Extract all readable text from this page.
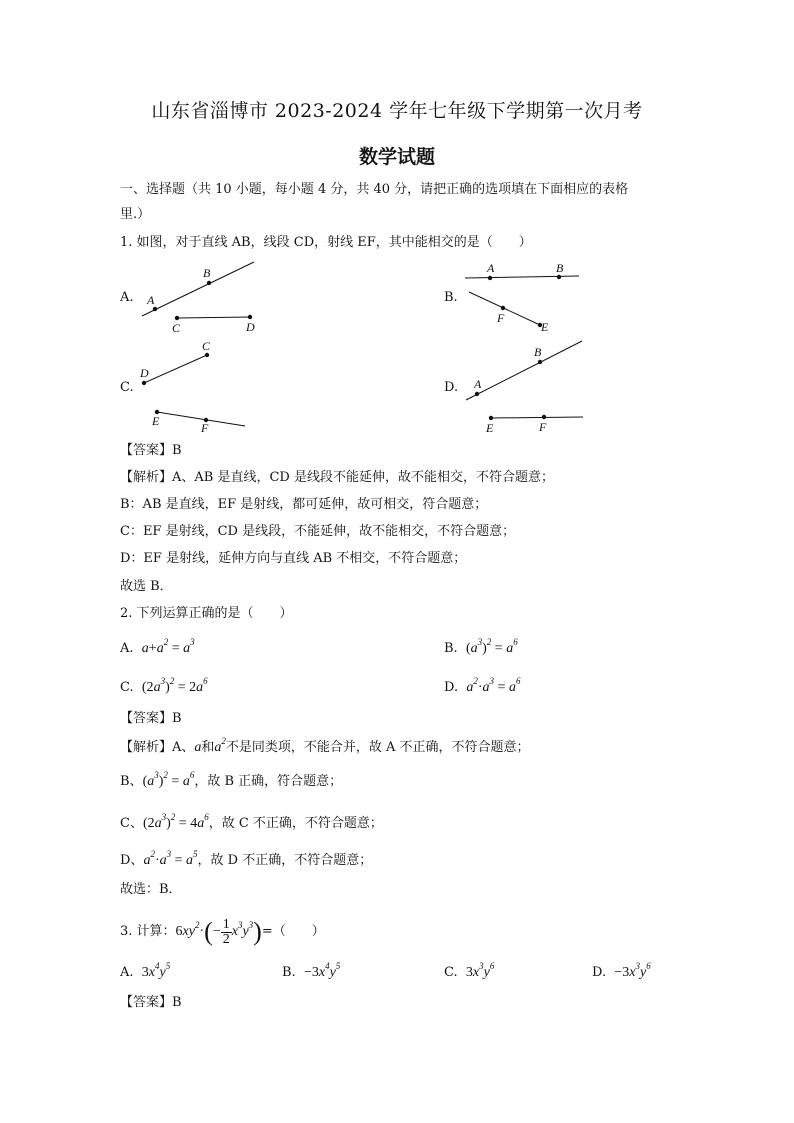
山东省淄博市 2023-2024 学年七年级下学期第一次月考
数学试题
一、选择题（共 10 小题，每小题 4 分，共 40 分，请把正确的选项填在下面相应的表格
里.）
1. 如图，对于直线 AB，线段 CD，射线 EF，其中能相交的是（　　）
A.	B.
C.	D.
A
B
C	D
A	B
F
E
D
C
E	F
A
B
E	F
【答案】B
【解析】A、AB 是直线，CD 是线段不能延伸，故不能相交，不符合题意；
B：AB 是直线，EF 是射线，都可延伸，故可相交，符合题意；
C：EF 是射线，CD 是线段，不能延伸，故不能相交，不符合题意；
D：EF 是射线，延伸方向与直线 AB 不相交，不符合题意；
故选 B．
2. 下列运算正确的是（　　）
A. $a+a^2 = a^3$	B. $(a^3)^2 = a^6$
C. $(2a^3)^2 = 2a^6$	D. $a^2\cdot a^3 = a^6$
【答案】B
【解析】A、a和$a^2$不是同类项，不能合并，故 A 不正确，不符合题意；
B、$(a^3)^2 = a^6$，故 B 正确，符合题意；
C、$(2a^3)^2 = 4a^6$，故 C 不正确，不符合题意；
D、$a^2\cdot a^3 = a^5$，故 D 不正确，不符合题意；
故选：B．
3. 计算：$6xy^2\cdot(- \frac{1}{2} x^3y^3)=$（　　）
A. $3x^4y^5$	B. $-3x^4y^5$	C. $3x^3y^6$	D. $-3x^3y^6$
【答案】B
